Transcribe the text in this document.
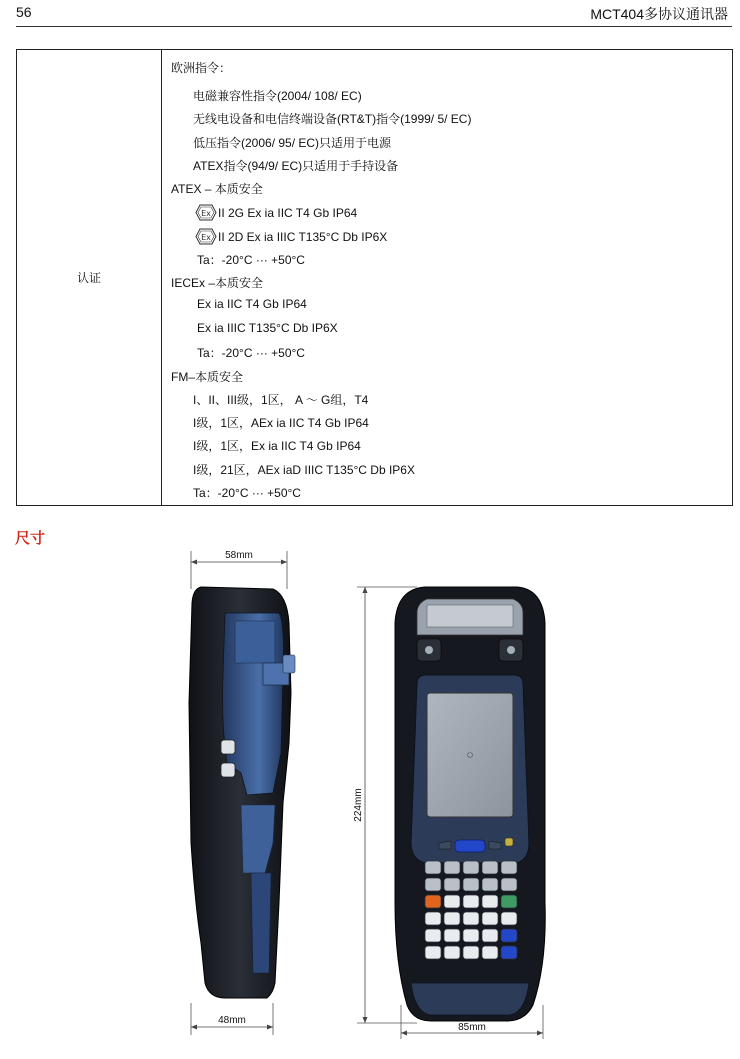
56	MCT404多协议通讯器
认证
欧洲指令：
电磁兼容性指令(2004/ 108/ EC)
无线电设备和电信终端设备(RT&T)指令(1999/ 5/ EC)
低压指令(2006/ 95/ EC)只适用于电源
ATEX指令(94/9/ EC)只适用于手持设备
ATEX – 本质安全
Ex II 2G Ex ia IIC T4 Gb IP64
Ex II 2D Ex ia IIIC T135°C Db IP6X
Ta：-20°C ··· +50°C
IECEx –本质安全
Ex ia IIC T4 Gb IP64
Ex ia IIIC T135°C Db IP6X
Ta：-20°C ··· +50°C
FM–本质安全
I、II、III级，1区， A ～ G组，T4
I级，1区，AEx ia IIC T4 Gb IP64
I级，1区，Ex ia IIC T4 Gb IP64
I级，21区，AEx iaD IIIC T135°C Db IP6X
Ta：-20°C ··· +50°C
尺寸
58mm
48mm
224mm
85mm
